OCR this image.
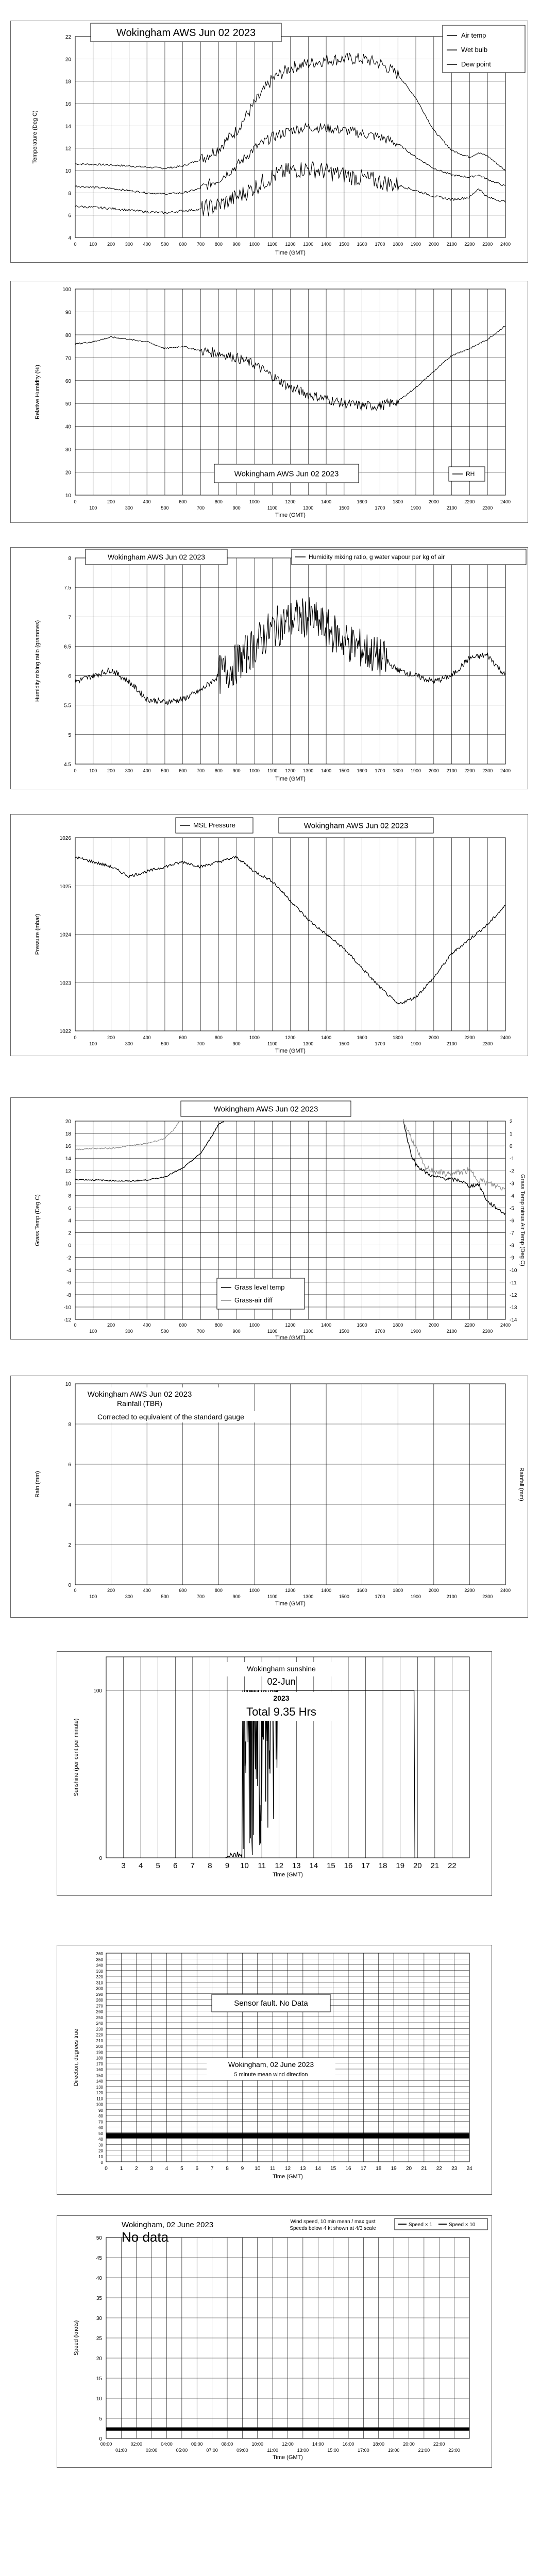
4
6
8
10
12
14
16
18
20
22
0	100 200 300 400 500 600 700 800 900 1000 1100 1200 1300 1400 1500 1600 1700 1800 1900 2000 2100 2200 2300 2400
Time (GMT)
Temperature (Deg C)
Wokingham AWS Jun 02 2023	Air temp
Wet bulb
Dew point
10
20
30
40
50
60
70
80
90
100
0	200	400	600	800	1000	1200	1400	1600	1800	2000	2200	2400
100	300	500	700	900	1100	1300	1500	1700	1900	2100	2300
Time (GMT)
Relative Humidity (%)
Wokingham AWS Jun 02 2023	RH
4.5
5
5.5
6
6.5
7
7.5
8
0	200	400	600	800	1000	1200	1400	1600	1800	2000	2200	2400
100	300	500	700	900	1100	1300	1500	1700	1900	2100	2300
Time (GMT)
Humidity mixing ratio (grammes)
Wokingham AWS Jun 02 2023	Humidity mixing ratio, g water vapour per kg of air
1022
1023
1024
1025
1026
0	200	400	600	800	1000	1200	1400	1600	1800	2000	2200	2400
100	300	500	700	900	1100	1300	1500	1700	1900	2100	2300
Time (GMT)
Pressure (mbar)
MSL Pressure	Wokingham AWS Jun 02 2023
-12
-10
-8
-6
-4
-2
0
2
4
6
8
10
12
14
16
18
20
-14
-13
-12
-11
-10
-9
-8
-7
-6
-5
-4
-3
-2
-1
0
1
2
0	200	400	600	800	1000	1200	1400	1600	1800	2000	2200	2400
100	300	500	700	900	1100	1300	1500	1700	1900	2100	2300
Time (GMT)
Grass Temp (Deg C)	Grass Temp minus Air Temp (Deg C)
Wokingham AWS Jun 02 2023
Grass level temp
Grass-air diff
0
2
4
6
8
10
0	200	400	600	800	1000	1200	1400	1600	1800	2000	2200	2400
100	300	500	700	900	1100	1300	1500	1700	1900	2100	2300
Time (GMT)
Rain (mm)	Rainfall (mm)
Wokingham AWS Jun 02 2023
Rainfall (TBR)
Corrected to equivalent of the standard gauge
0
100
3 4 5 6 7 8 9 10 11 12 13 14 15 16 17 18 19 20 21 22
Time (GMT)
Sunshine (per cent per minute)
Wokingham sunshine
02-Jun
2023
Total 9.35 Hrs
0
10
20
30
40
50
60
70
80
90
100
110
120
130
140
150
160
170
180
190
200
210
220
230
240
250
260
270
280
290
300
310
320
330
340
350
360
0 1 2 3 4 5 6 7 8 9 10 11 12 13 14 15 16 17 18 19 20 21 22 23 24
Time (GMT)
Direction, degrees true
Sensor fault. No Data
Wokingham, 02 June 2023
5 minute mean wind direction
0
5
10
15
20
25
30
35
40
45
50
00:00	02:00	04:00	06:00	08:00	10:00	12:00	14:00	16:00	18:00	20:00	22:00
01:00	03:00	05:00	07:00	09:00	11:00	13:00	15:00	17:00	19:00	21:00	23:00
Time (GMT)
Speed (knots)
Wokingham, 02 June 2023
No data
Wind speed, 10 min mean / max gust
Speeds below 4 kt shown at 4/3 scale
Speed × 1	Speed × 10
